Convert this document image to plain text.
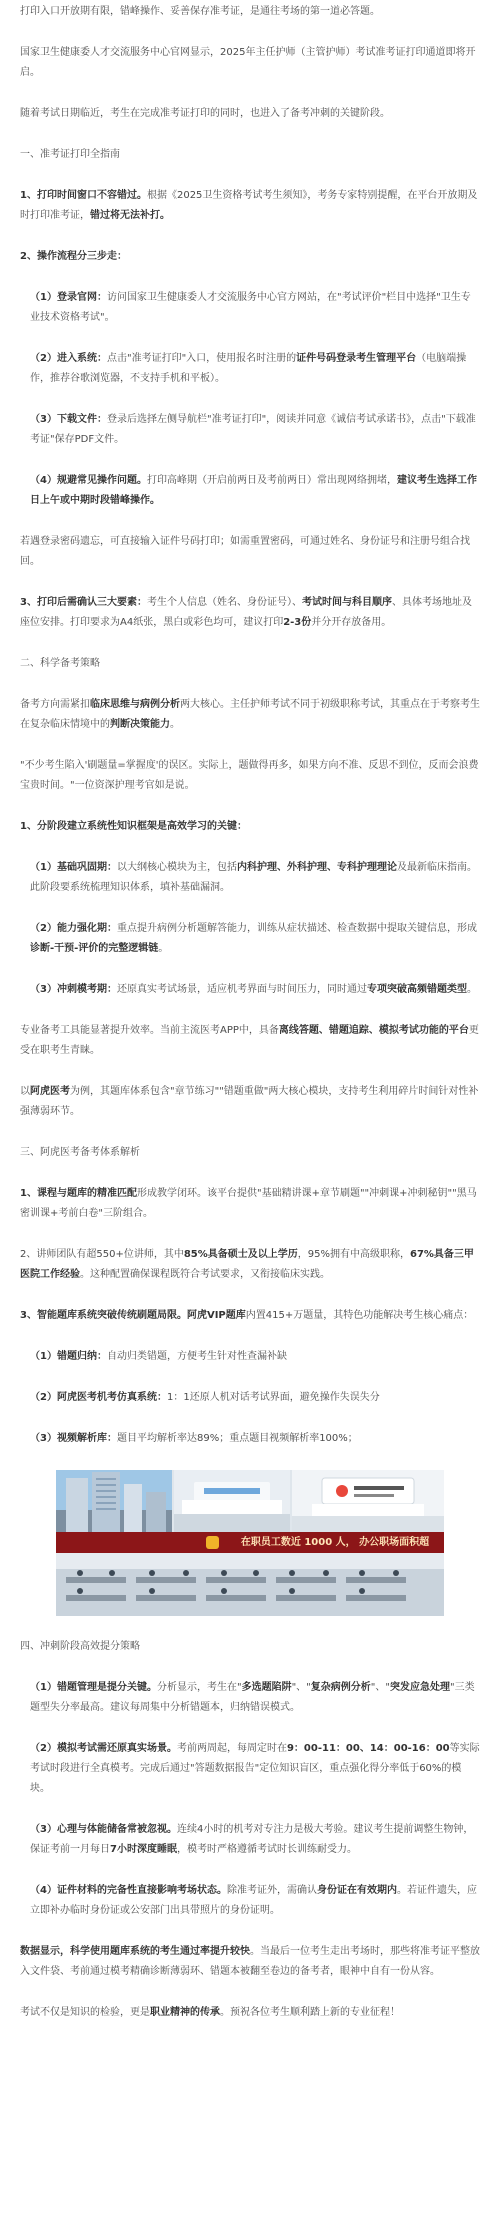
打印入口开放期有限，错峰操作、妥善保存准考证，是通往考场的第一道必答题。

国家卫生健康委人才交流服务中心官网显示，2025年主任护师（主管护师）考试准考证打印通道即将开启。

随着考试日期临近，考生在完成准考证打印的同时，也进入了备考冲刺的关键阶段。

一、准考证打印全指南

1、打印时间窗口不容错过。根据《2025卫生资格考试考生须知》，考务专家特别提醒，在平台开放期及时打印准考证，错过将无法补打。

2、操作流程分三步走：

（1）登录官网：访问国家卫生健康委人才交流服务中心官方网站，在"考试评价"栏目中选择"卫生专业技术资格考试"。

（2）进入系统：点击"准考证打印"入口，使用报名时注册的证件号码登录考生管理平台（电脑端操作，推荐谷歌浏览器，不支持手机和平板）。

（3）下载文件：登录后选择左侧导航栏"准考证打印"，阅读并同意《诚信考试承诺书》，点击"下载准考证"保存PDF文件。

（4）规避常见操作问题。打印高峰期（开启前两日及考前两日）常出现网络拥堵，建议考生选择工作日上午或中期时段错峰操作。

若遇登录密码遗忘，可直接输入证件号码打印；如需重置密码，可通过姓名、身份证号和注册号组合找回。

3、打印后需确认三大要素：考生个人信息（姓名、身份证号）、考试时间与科目顺序、具体考场地址及座位安排。打印要求为A4纸张，黑白或彩色均可，建议打印2-3份并分开存放备用。

二、科学备考策略

备考方向需紧扣临床思维与病例分析两大核心。主任护师考试不同于初级职称考试，其重点在于考察考生在复杂临床情境中的判断决策能力。

"不少考生陷入'刷题量=掌握度'的误区。实际上，题做得再多，如果方向不准、反思不到位，反而会浪费宝贵时间。"一位资深护理考官如是说。

1、分阶段建立系统性知识框架是高效学习的关键：

（1）基础巩固期：以大纲核心模块为主，包括内科护理、外科护理、专科护理理论及最新临床指南。此阶段要系统梳理知识体系，填补基础漏洞。

（2）能力强化期：重点提升病例分析题解答能力，训练从症状描述、检查数据中提取关键信息，形成诊断-干预-评价的完整逻辑链。

（3）冲刺模考期：还原真实考试场景，适应机考界面与时间压力，同时通过专项突破高频错题类型。

专业备考工具能显著提升效率。当前主流医考APP中，具备离线答题、错题追踪、模拟考试功能的平台更受在职考生青睐。

以阿虎医考为例，其题库体系包含"章节练习""错题重做"两大核心模块，支持考生利用碎片时间针对性补强薄弱环节。

三、阿虎医考备考体系解析

1、课程与题库的精准匹配形成教学闭环。该平台提供"基础精讲课+章节刷题""冲刺课+冲刺秘钥""黑马密训课+考前白卷"三阶组合。

2、讲师团队有超550+位讲师，其中85%具备硕士及以上学历，95%拥有中高级职称，67%具备三甲医院工作经验。这种配置确保课程既符合考试要求，又衔接临床实践。

3、智能题库系统突破传统刷题局限。阿虎VIP题库内置415+万题量，其特色功能解决考生核心痛点：

（1）错题归纳：自动归类错题，方便考生针对性查漏补缺

（2）阿虎医考机考仿真系统：1：1还原人机对话考试界面，避免操作失误失分

（3）视频解析库：题目平均解析率达89%；重点题目视频解析率100%；

在职员工数近 1000 人， 办公职场面积超

四、冲刺阶段高效提分策略

（1）错题管理是提分关键。分析显示，考生在"多选题陷阱"、"复杂病例分析"、"突发应急处理"三类题型失分率最高。建议每周集中分析错题本，归纳错误模式。

（2）模拟考试需还原真实场景。考前两周起，每周定时在9：00-11：00、14：00-16：00等实际考试时段进行全真模考。完成后通过"答题数据报告"定位知识盲区，重点强化得分率低于60%的模块。

（3）心理与体能储备常被忽视。连续4小时的机考对专注力是极大考验。建议考生提前调整生物钟，保证考前一月每日7小时深度睡眠，模考时严格遵循考试时长训练耐受力。

（4）证件材料的完备性直接影响考场状态。除准考证外，需确认身份证在有效期内。若证件遗失，应立即补办临时身份证或公安部门出具带照片的身份证明。

数据显示，科学使用题库系统的考生通过率提升较快。当最后一位考生走出考场时，那些将准考证平整放入文件袋、考前通过模考精确诊断薄弱环、错题本被翻至卷边的备考者，眼神中自有一份从容。

考试不仅是知识的检验，更是职业精神的传承。预祝各位考生顺利踏上新的专业征程！
